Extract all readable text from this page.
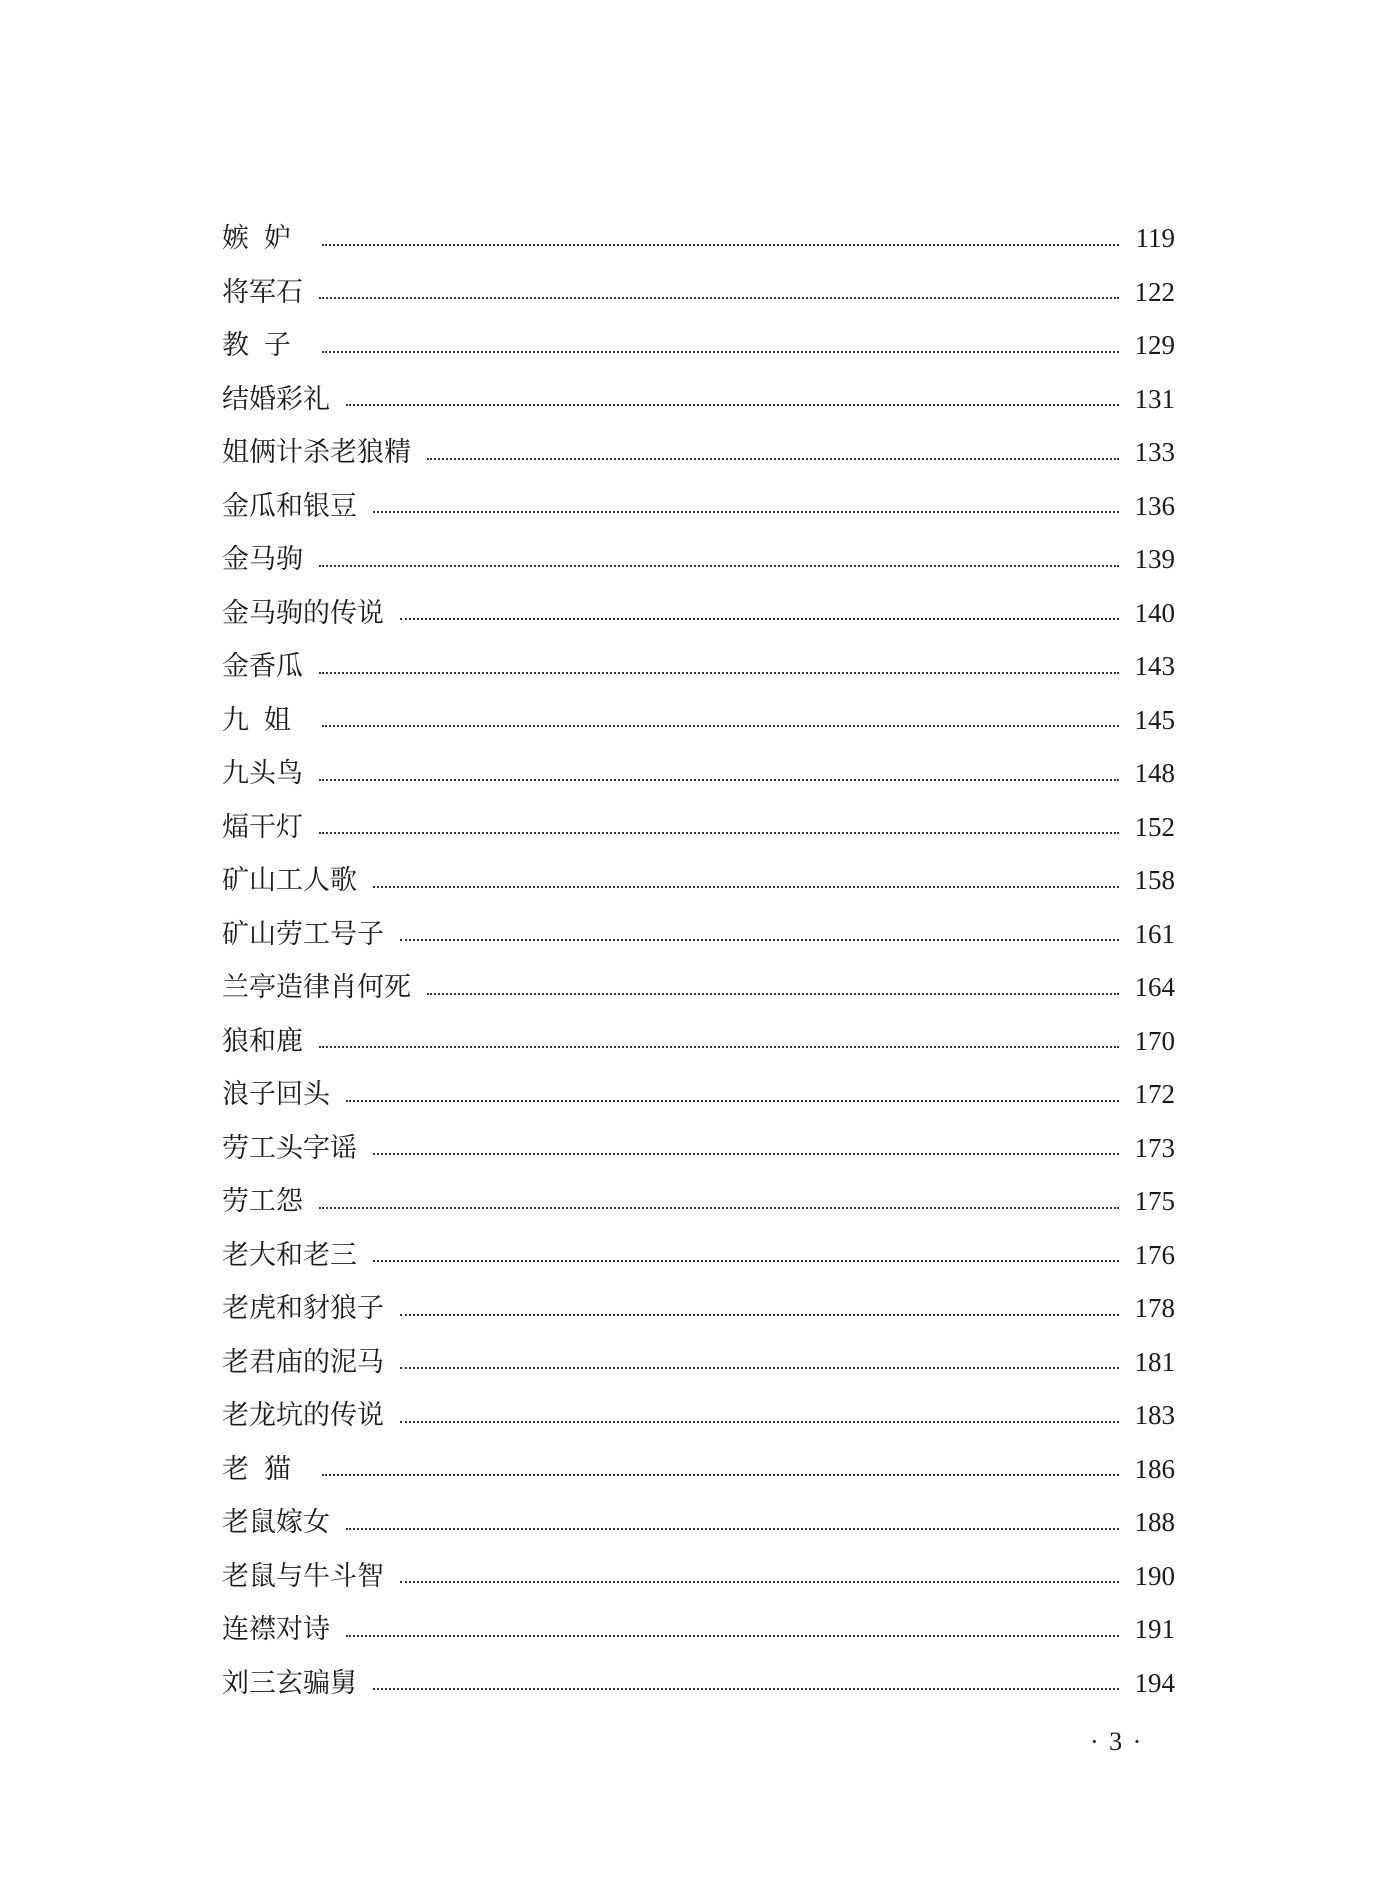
嫉妒	119
将军石	122
教子	129
结婚彩礼	131
姐俩计杀老狼精	133
金瓜和银豆	136
金马驹	139
金马驹的传说	140
金香瓜	143
九姐	145
九头鸟	148
煏干灯	152
矿山工人歌	158
矿山劳工号子	161
兰亭造律肖何死	164
狼和鹿	170
浪子回头	172
劳工头字谣	173
劳工怨	175
老大和老三	176
老虎和豺狼子	178
老君庙的泥马	181
老龙坑的传说	183
老猫	186
老鼠嫁女	188
老鼠与牛斗智	190
连襟对诗	191
刘三玄骗舅	194
· 3 ·
